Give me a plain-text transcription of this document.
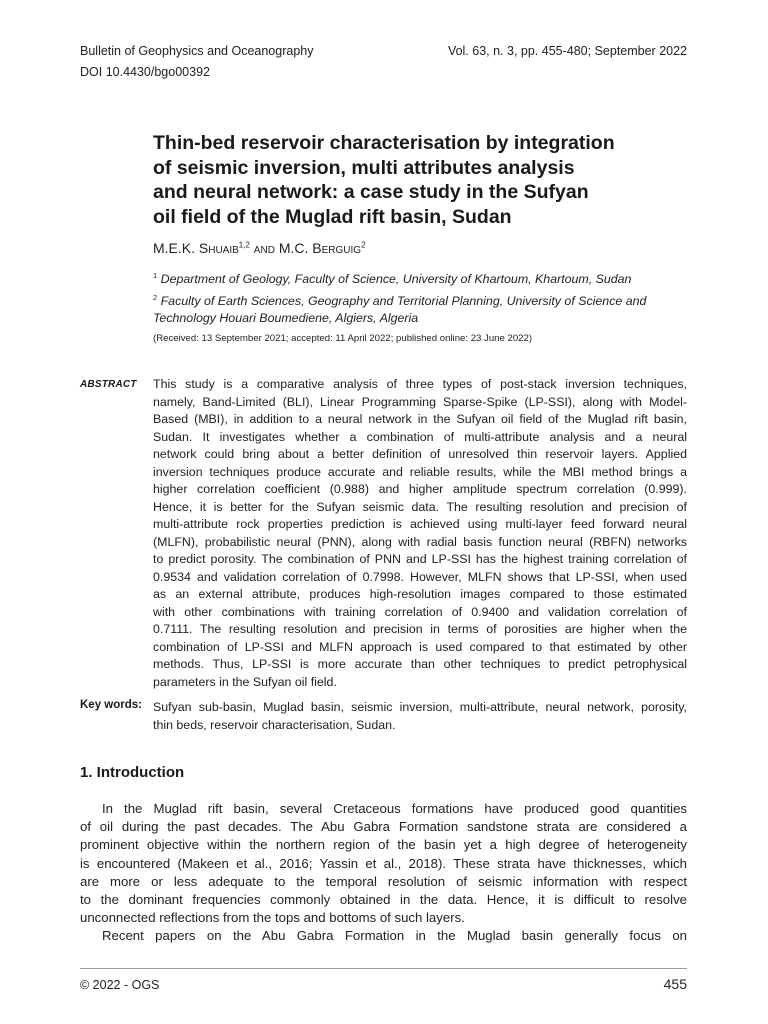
Bulletin of Geophysics and Oceanography	Vol. 63, n. 3, pp. 455-480; September 2022
DOI 10.4430/bgo00392
Thin-bed reservoir characterisation by integration
of seismic inversion, multi attributes analysis
and neural network: a case study in the Sufyan
oil field of the Muglad rift basin, Sudan
M.E.K. Shuaib$^{1,2}$ and M.C. Berguig$^2$
$^1$ Department of Geology, Faculty of Science, University of Khartoum, Khartoum, Sudan
$^2$ Faculty of Earth Sciences, Geography and Territorial Planning, University of Science and
Technology Houari Boumediene, Algiers, Algeria
(Received: 13 September 2021; accepted: 11 April 2022; published online: 23 June 2022)
ABSTRACT This study is a comparative analysis of three types of post-stack inversion techniques,
namely, Band-Limited (BLI), Linear Programming Sparse-Spike (LP-SSI), along with Model-
Based (MBI), in addition to a neural network in the Sufyan oil field of the Muglad rift basin,
Sudan. It investigates whether a combination of multi-attribute analysis and a neural
network could bring about a better definition of unresolved thin reservoir layers. Applied
inversion techniques produce accurate and reliable results, while the MBI method brings a
higher correlation coefficient (0.988) and higher amplitude spectrum correlation (0.999).
Hence, it is better for the Sufyan seismic data. The resulting resolution and precision of
multi-attribute rock properties prediction is achieved using multi-layer feed forward neural
(MLFN), probabilistic neural (PNN), along with radial basis function neural (RBFN) networks
to predict porosity. The combination of PNN and LP-SSI has the highest training correlation of
0.9534 and validation correlation of 0.7998. However, MLFN shows that LP-SSI, when used
as an external attribute, produces high-resolution images compared to those estimated
with other combinations with training correlation of 0.9400 and validation correlation of
0.7111. The resulting resolution and precision in terms of porosities are higher when the
combination of LP-SSI and MLFN approach is used compared to that estimated by other
methods. Thus, LP-SSI is more accurate than other techniques to predict petrophysical
parameters in the Sufyan oil field.
Key words: Sufyan sub-basin, Muglad basin, seismic inversion, multi-attribute, neural network, porosity,
thin beds, reservoir characterisation, Sudan.
1. Introduction
In the Muglad rift basin, several Cretaceous formations have produced good quantities
of oil during the past decades. The Abu Gabra Formation sandstone strata are considered a
prominent objective within the northern region of the basin yet a high degree of heterogeneity
is encountered (Makeen et al., 2016; Yassin et al., 2018). These strata have thicknesses, which
are more or less adequate to the temporal resolution of seismic information with respect
to the dominant frequencies commonly obtained in the data. Hence, it is difficult to resolve
unconnected reflections from the tops and bottoms of such layers.
Recent papers on the Abu Gabra Formation in the Muglad basin generally focus on
© 2022 - OGS	455
